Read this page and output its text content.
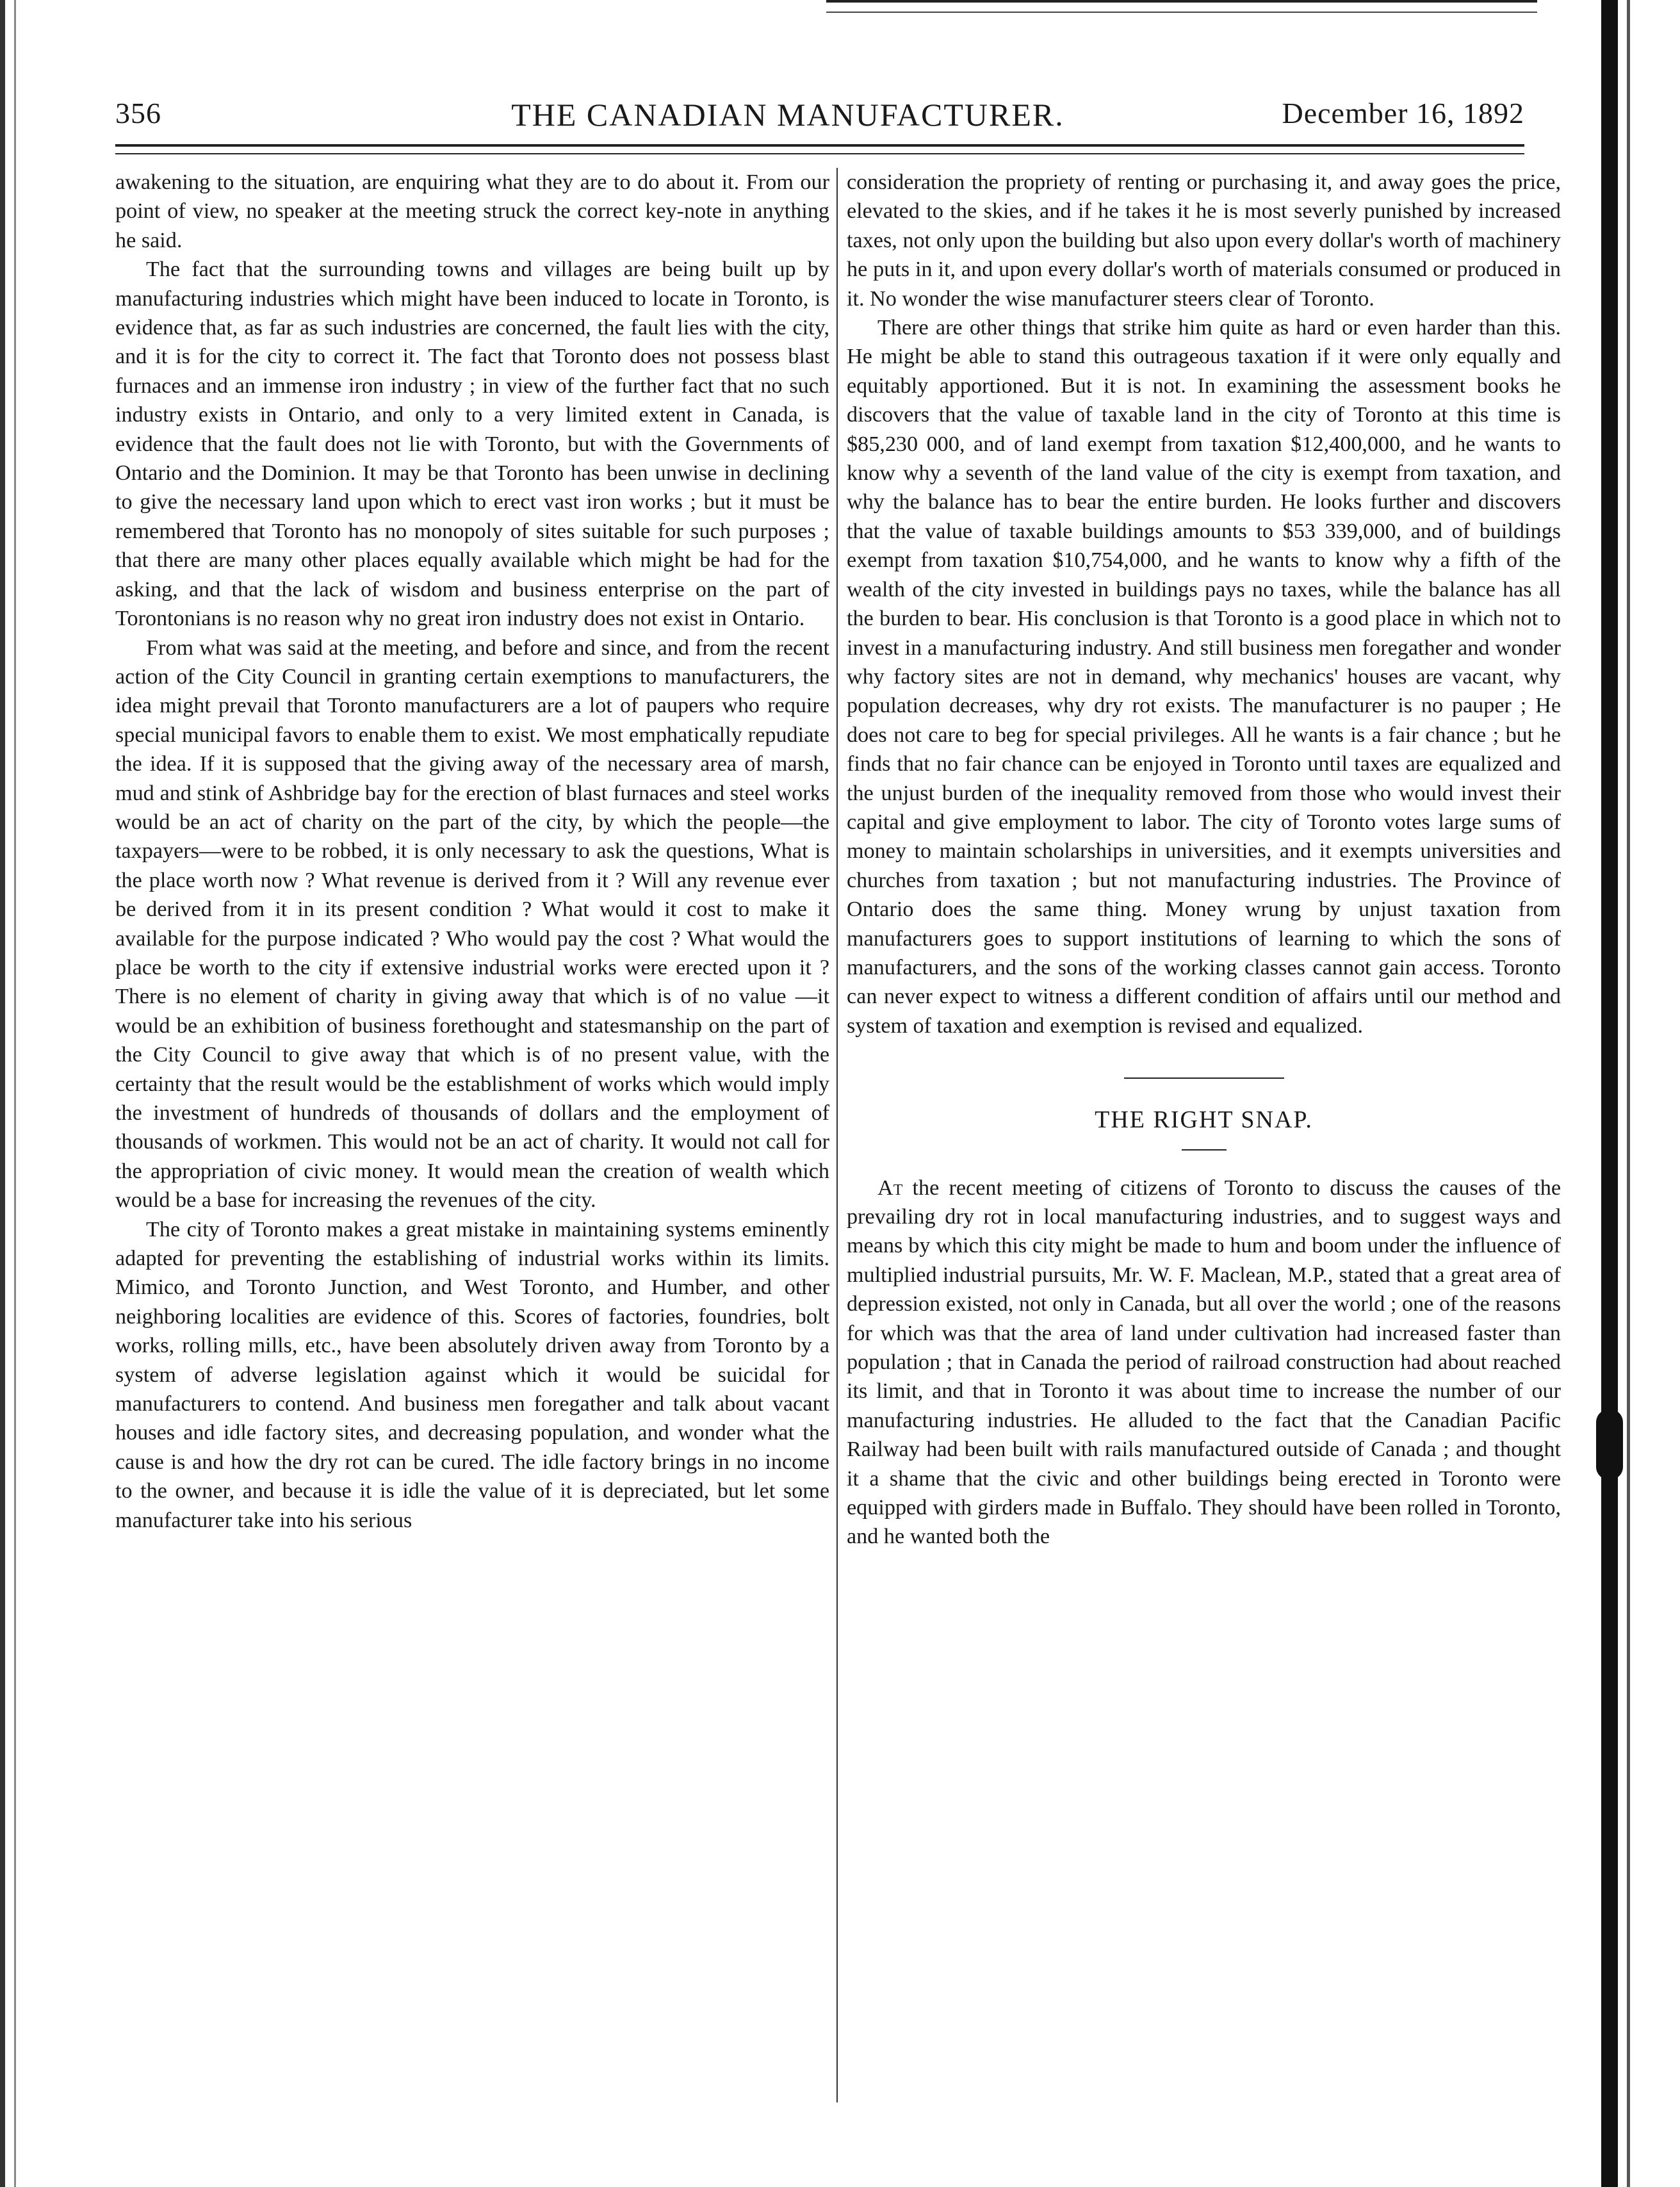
356	THE CANADIAN MANUFACTURER.	December 16, 1892

awakening to the situation, are enquiring what they are to do about it. From our point of view, no speaker at the meeting struck the correct key-note in anything he said.

The fact that the surrounding towns and villages are being built up by manufacturing industries which might have been induced to locate in Toronto, is evidence that, as far as such industries are concerned, the fault lies with the city, and it is for the city to correct it. The fact that Toronto does not possess blast furnaces and an immense iron industry ; in view of the further fact that no such industry exists in Ontario, and only to a very limited extent in Canada, is evidence that the fault does not lie with Toronto, but with the Governments of Ontario and the Dominion. It may be that Toronto has been unwise in declining to give the necessary land upon which to erect vast iron works ; but it must be remembered that Toronto has no monopoly of sites suitable for such purposes ; that there are many other places equally available which might be had for the asking, and that the lack of wisdom and business enterprise on the part of Torontonians is no reason why no great iron industry does not exist in Ontario.

From what was said at the meeting, and before and since, and from the recent action of the City Council in granting certain exemptions to manufacturers, the idea might prevail that Toronto manufacturers are a lot of paupers who require special municipal favors to enable them to exist. We most emphatically repudiate the idea. If it is supposed that the giving away of the necessary area of marsh, mud and stink of Ashbridge bay for the erection of blast furnaces and steel works would be an act of charity on the part of the city, by which the people—the taxpayers—were to be robbed, it is only necessary to ask the questions, What is the place worth now ? What revenue is derived from it ? Will any revenue ever be derived from it in its present condition ? What would it cost to make it available for the purpose indicated ? Who would pay the cost ? What would the place be worth to the city if extensive industrial works were erected upon it ? There is no element of charity in giving away that which is of no value —it would be an exhibition of business forethought and statesmanship on the part of the City Council to give away that which is of no present value, with the certainty that the result would be the establishment of works which would imply the investment of hundreds of thousands of dollars and the employment of thousands of workmen. This would not be an act of charity. It would not call for the appropriation of civic money. It would mean the creation of wealth which would be a base for increasing the revenues of the city.

The city of Toronto makes a great mistake in maintaining systems eminently adapted for preventing the establishing of industrial works within its limits. Mimico, and Toronto Junction, and West Toronto, and Humber, and other neighboring localities are evidence of this. Scores of factories, foundries, bolt works, rolling mills, etc., have been absolutely driven away from Toronto by a system of adverse legislation against which it would be suicidal for manufacturers to contend. And business men foregather and talk about vacant houses and idle factory sites, and decreasing population, and wonder what the cause is and how the dry rot can be cured. The idle factory brings in no income to the owner, and because it is idle the value of it is depreciated, but let some manufacturer take into his serious

consideration the propriety of renting or purchasing it, and away goes the price, elevated to the skies, and if he takes it he is most severly punished by increased taxes, not only upon the building but also upon every dollar's worth of machinery he puts in it, and upon every dollar's worth of materials consumed or produced in it. No wonder the wise manufacturer steers clear of Toronto.

There are other things that strike him quite as hard or even harder than this. He might be able to stand this outrageous taxation if it were only equally and equitably apportioned. But it is not. In examining the assessment books he discovers that the value of taxable land in the city of Toronto at this time is $85,230 000, and of land exempt from taxation $12,400,000, and he wants to know why a seventh of the land value of the city is exempt from taxation, and why the balance has to bear the entire burden. He looks further and discovers that the value of taxable buildings amounts to $53 339,000, and of buildings exempt from taxation $10,754,000, and he wants to know why a fifth of the wealth of the city invested in buildings pays no taxes, while the balance has all the burden to bear. His conclusion is that Toronto is a good place in which not to invest in a manufacturing industry. And still business men foregather and wonder why factory sites are not in demand, why mechanics' houses are vacant, why population decreases, why dry rot exists. The manufacturer is no pauper ; He does not care to beg for special privileges. All he wants is a fair chance ; but he finds that no fair chance can be enjoyed in Toronto until taxes are equalized and the unjust burden of the inequality removed from those who would invest their capital and give employment to labor. The city of Toronto votes large sums of money to maintain scholarships in universities, and it exempts universities and churches from taxation ; but not manufacturing industries. The Province of Ontario does the same thing. Money wrung by unjust taxation from manufacturers goes to support institutions of learning to which the sons of manufacturers, and the sons of the working classes cannot gain access. Toronto can never expect to witness a different condition of affairs until our method and system of taxation and exemption is revised and equalized.

THE RIGHT SNAP.

At the recent meeting of citizens of Toronto to discuss the causes of the prevailing dry rot in local manufacturing industries, and to suggest ways and means by which this city might be made to hum and boom under the influence of multiplied industrial pursuits, Mr. W. F. Maclean, M.P., stated that a great area of depression existed, not only in Canada, but all over the world ; one of the reasons for which was that the area of land under cultivation had increased faster than population ; that in Canada the period of railroad construction had about reached its limit, and that in Toronto it was about time to increase the number of our manufacturing industries. He alluded to the fact that the Canadian Pacific Railway had been built with rails manufactured outside of Canada ; and thought it a shame that the civic and other buildings being erected in Toronto were equipped with girders made in Buffalo. They should have been rolled in Toronto, and he wanted both the
